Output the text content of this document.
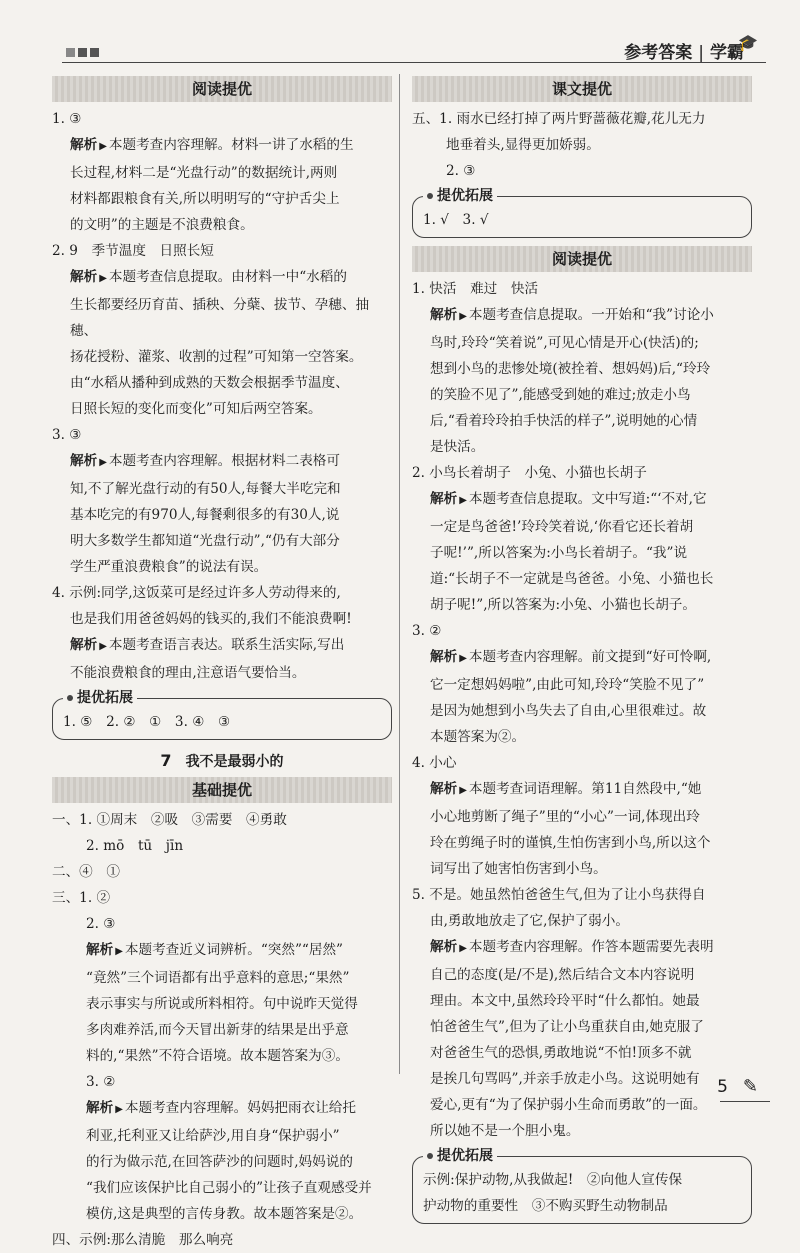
参考答案 | 学霸
🎓
阅读提优

1. ③

解析 ▶ 本题考查内容理解。材料一讲了水稻的生

长过程,材料二是“光盘行动”的数据统计,两则

材料都跟粮食有关,所以明明写的“守护舌尖上

的文明”的主题是不浪费粮食。

2. 9　季节温度　日照长短

解析 ▶ 本题考查信息提取。由材料一中“水稻的

生长都要经历育苗、插秧、分蘖、拔节、孕穗、抽穗、

扬花授粉、灌浆、收割的过程”可知第一空答案。

由“水稻从播种到成熟的天数会根据季节温度、

日照长短的变化而变化”可知后两空答案。

3. ③

解析 ▶ 本题考查内容理解。根据材料二表格可

知,不了解光盘行动的有50人,每餐大半吃完和

基本吃完的有970人,每餐剩很多的有30人,说

明大多数学生都知道“光盘行动”,“仍有大部分

学生严重浪费粮食”的说法有误。

4. 示例:同学,这饭菜可是经过许多人劳动得来的,

也是我们用爸爸妈妈的钱买的,我们不能浪费啊!

解析 ▶ 本题考查语言表达。联系生活实际,写出

不能浪费粮食的理由,注意语气要恰当。

提优拓展

1. ⑤　2. ②　①　3. ④　③

7 我不是最弱小的
基础提优

一、1. ①周末　②吸　③需要　④勇敢

2. mō　tū　jīn

二、④　①

三、1. ②

2. ③

解析 ▶ 本题考查近义词辨析。“突然”“居然”

“竟然”三个词语都有出乎意料的意思;“果然”

表示事实与所说或所料相符。句中说昨天觉得

多肉难养活,而今天冒出新芽的结果是出乎意

料的,“果然”不符合语境。故本题答案为③。

3. ②

解析 ▶ 本题考查内容理解。妈妈把雨衣让给托

利亚,托利亚又让给萨沙,用自身“保护弱小”

的行为做示范,在回答萨沙的问题时,妈妈说的

“我们应该保护比自己弱小的”让孩子直观感受并

模仿,这是典型的言传身教。故本题答案是②。

四、示例:那么清脆　那么响亮

课文提优

五、1. 雨水已经打掉了两片野蔷薇花瓣,花儿无力

地垂着头,显得更加娇弱。

2. ③

提优拓展

1. √　3. √

阅读提优

1. 快活　难过　快活

解析 ▶ 本题考查信息提取。一开始和“我”讨论小

鸟时,玲玲“笑着说”,可见心情是开心(快活)的;

想到小鸟的悲惨处境(被拴着、想妈妈)后,“玲玲

的笑脸不见了”,能感受到她的难过;放走小鸟

后,“看着玲玲拍手快活的样子”,说明她的心情

是快活。

2. 小鸟长着胡子　小兔、小猫也长胡子

解析 ▶ 本题考查信息提取。文中写道:“‘不对,它

一定是鸟爸爸!’玲玲笑着说,‘你看它还长着胡

子呢!’”,所以答案为:小鸟长着胡子。“我”说

道:“长胡子不一定就是鸟爸爸。小兔、小猫也长

胡子呢!”,所以答案为:小兔、小猫也长胡子。

3. ②

解析 ▶ 本题考查内容理解。前文提到“好可怜啊,

它一定想妈妈啦”,由此可知,玲玲“笑脸不见了”

是因为她想到小鸟失去了自由,心里很难过。故

本题答案为②。

4. 小心

解析 ▶ 本题考查词语理解。第11自然段中,“她

小心地剪断了绳子”里的“小心”一词,体现出玲

玲在剪绳子时的谨慎,生怕伤害到小鸟,所以这个

词写出了她害怕伤害到小鸟。

5. 不是。她虽然怕爸爸生气,但为了让小鸟获得自

由,勇敢地放走了它,保护了弱小。

解析 ▶ 本题考查内容理解。作答本题需要先表明

自己的态度(是/不是),然后结合文本内容说明

理由。本文中,虽然玲玲平时“什么都怕。她最

怕爸爸生气”,但为了让小鸟重获自由,她克服了

对爸爸生气的恐惧,勇敢地说“不怕!顶多不就

是挨几句骂吗”,并亲手放走小鸟。这说明她有

爱心,更有“为了保护弱小生命而勇敢”的一面。

所以她不是一个胆小鬼。

提优拓展

示例:保护动物,从我做起!　②向他人宣传保

护动物的重要性　③不购买野生动物制品

5 ✎
